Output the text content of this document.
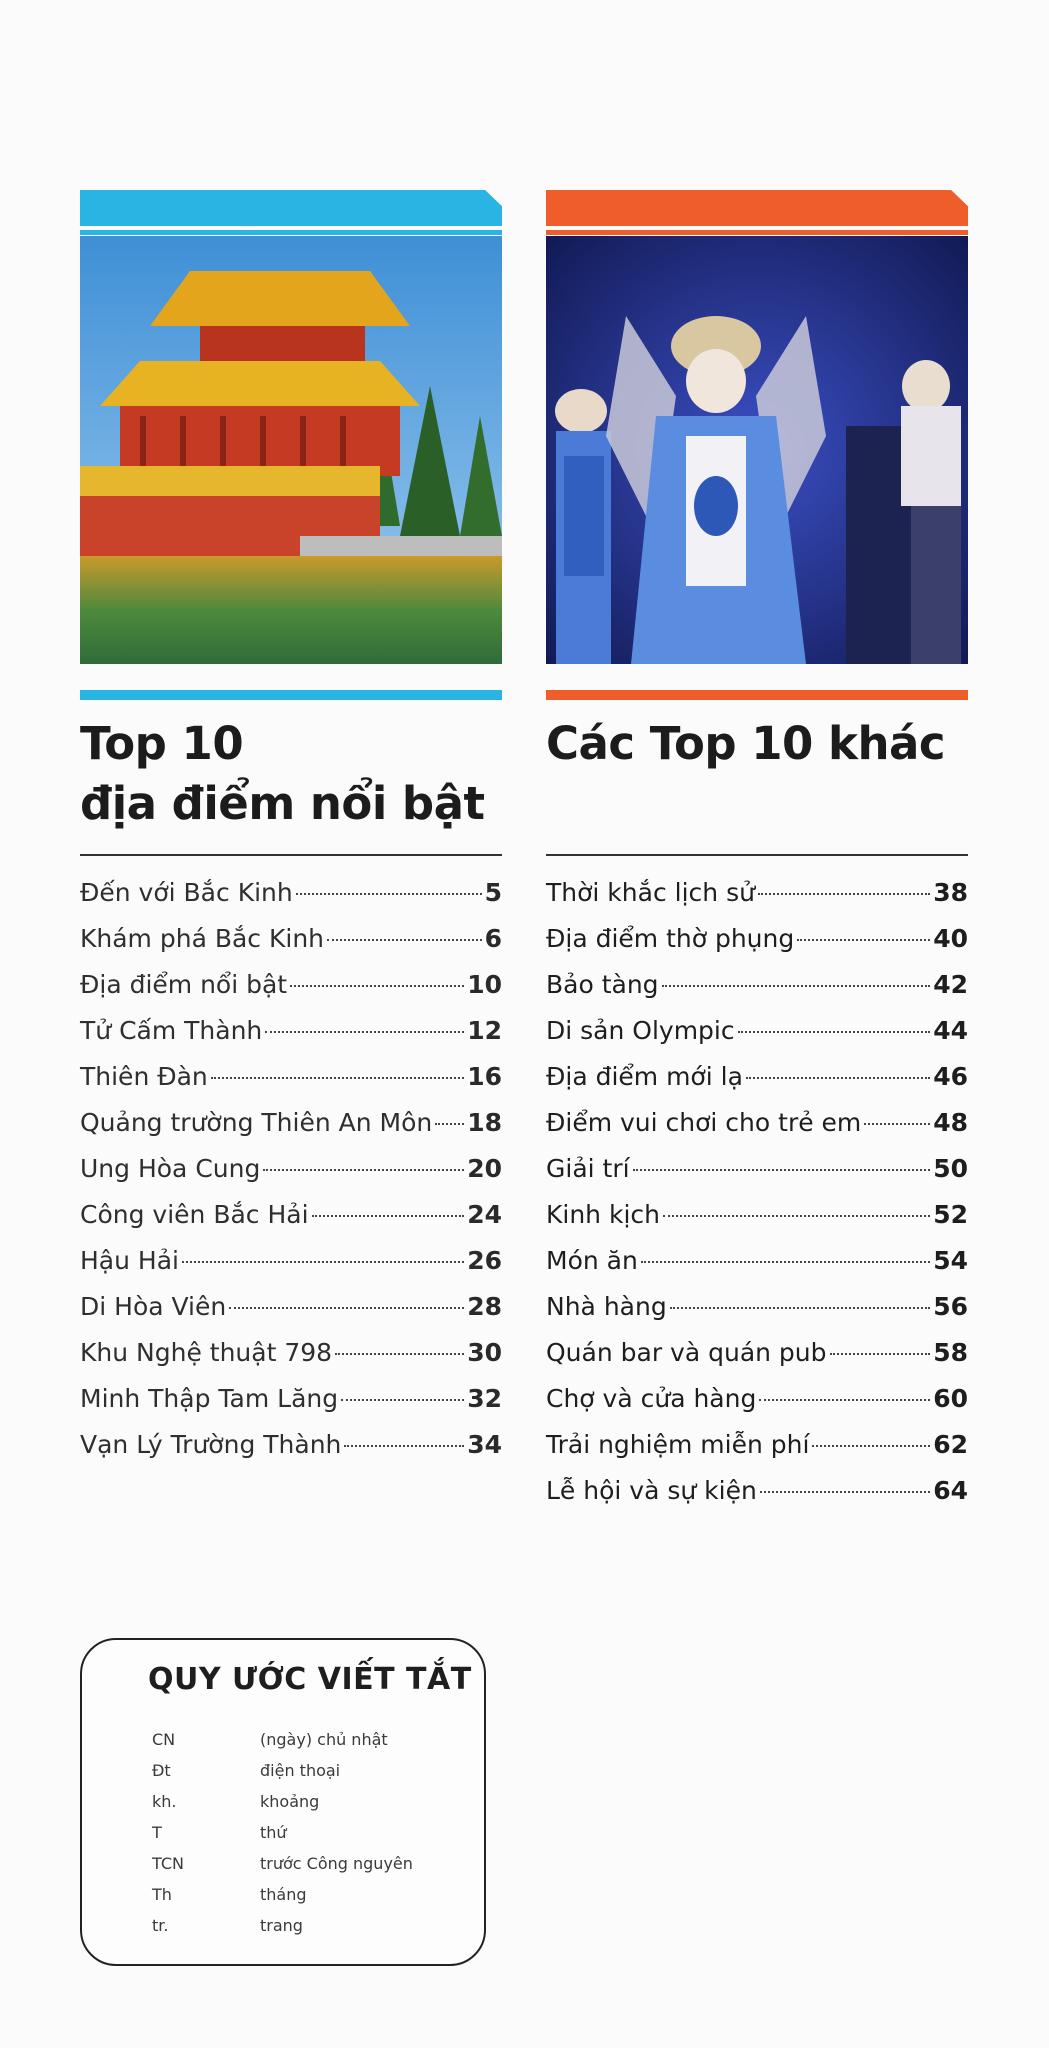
Top 10
địa điểm nổi bật
Đến với Bắc Kinh	5
Khám phá Bắc Kinh	6
Địa điểm nổi bật	10
Tử Cấm Thành	12
Thiên Đàn	16
Quảng trường Thiên An Môn 18
Ung Hòa Cung	20
Công viên Bắc Hải	24
Hậu Hải	26
Di Hòa Viên	28
Khu Nghệ thuật 798	30
Minh Thập Tam Lăng	32
Vạn Lý Trường Thành	34
Các Top 10 khác
Thời khắc lịch sử	38
Địa điểm thờ phụng	40
Bảo tàng	42
Di sản Olympic	44
Địa điểm mới lạ	46
Điểm vui chơi cho trẻ em	48
Giải trí	50
Kinh kịch	52
Món ăn	54
Nhà hàng	56
Quán bar và quán pub	58
Chợ và cửa hàng	60
Trải nghiệm miễn phí	62
Lễ hội và sự kiện	64
QUY ƯỚC VIẾT TẮT
CN	(ngày) chủ nhật
Đt	điện thoại
kh.	khoảng
T	thứ
TCN	trước Công nguyên
Th	tháng
tr.	trang
